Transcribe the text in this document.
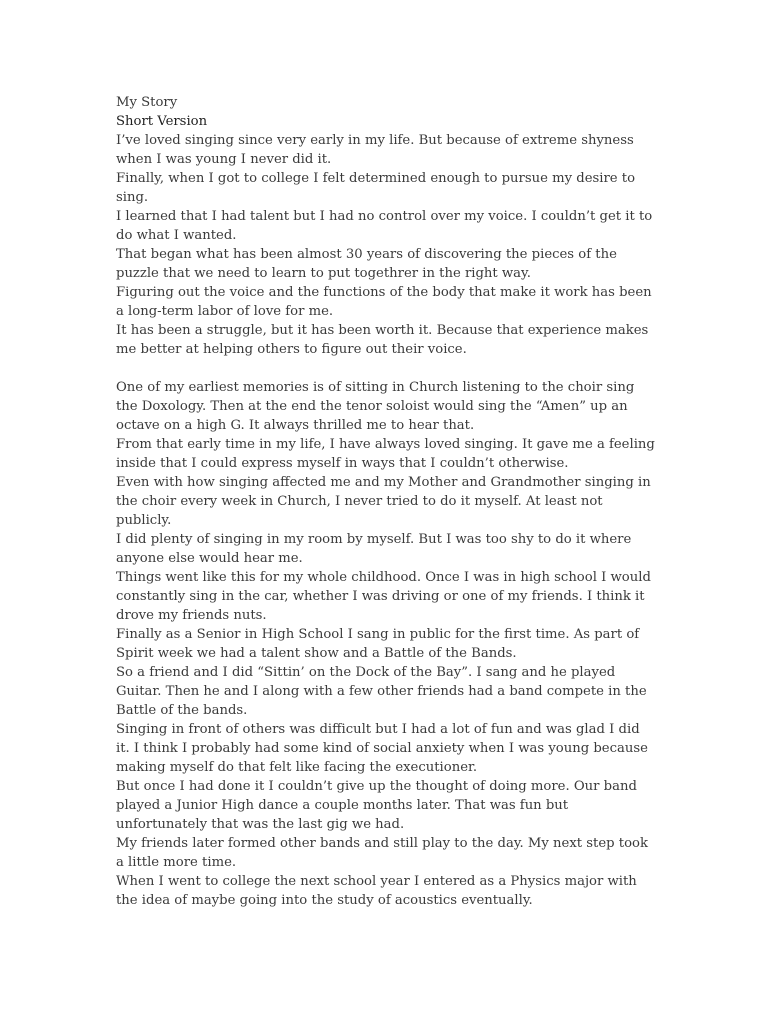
My Story

Short Version

I’ve loved singing since very early in my life. But because of extreme shyness when I was young I never did it.

Finally, when I got to college I felt determined enough to pursue my desire to sing.

I learned that I had talent but I had no control over my voice. I couldn’t get it to do what I wanted.

That began what has been almost 30 years of discovering the pieces of the puzzle that we need to learn to put togethrer in the right way.

Figuring out the voice and the functions of the body that make it work has been a long-term labor of love for me.

It has been a struggle, but it has been worth it. Because that experience makes me better at helping others to figure out their voice.

One of my earliest memories is of sitting in Church listening to the choir sing the Doxology. Then at the end the tenor soloist would sing the “Amen” up an octave on a high G. It always thrilled me to hear that.

From that early time in my life, I have always loved singing. It gave me a feeling inside that I could express myself in ways that I couldn’t otherwise.

Even with how singing affected me and my Mother and Grandmother singing in the choir every week in Church, I never tried to do it myself. At least not publicly.

I did plenty of singing in my room by myself. But I was too shy to do it where anyone else would hear me.

Things went like this for my whole childhood. Once I was in high school I would constantly sing in the car, whether I was driving or one of my friends. I think it drove my friends nuts.

Finally as a Senior in High School I sang in public for the first time. As part of Spirit week we had a talent show and a Battle of the Bands.

So a friend and I did “Sittin’ on the Dock of the Bay”. I sang and he played Guitar. Then he and I along with a few other friends had a band compete in the Battle of the bands.

Singing in front of others was difficult but I had a lot of fun and was glad I did it. I think I probably had some kind of social anxiety when I was young because making myself do that felt like facing the executioner.

But once I had done it I couldn’t give up the thought of doing more. Our band played a Junior High dance a couple months later. That was fun but unfortunately that was the last gig we had.

My friends later formed other bands and still play to the day. My next step took a little more time.

When I went to college the next school year I entered as a Physics major with the idea of maybe going into the study of acoustics eventually.
